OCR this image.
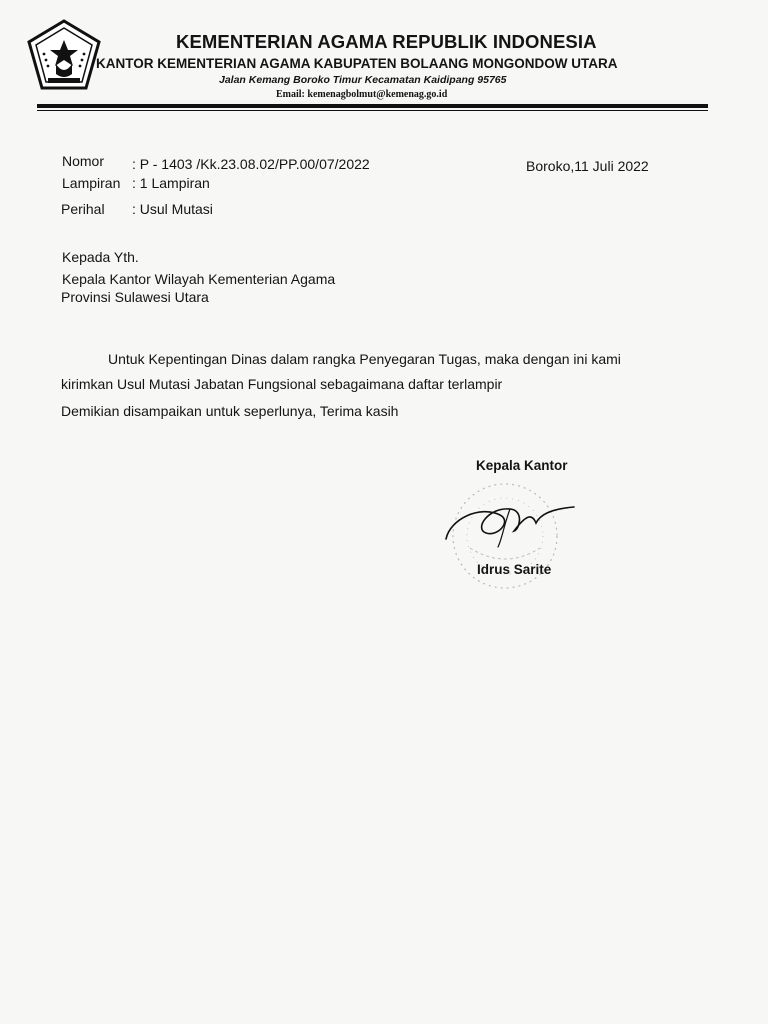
KEMENTERIAN AGAMA REPUBLIK INDONESIA
KANTOR KEMENTERIAN AGAMA KABUPATEN BOLAANG MONGONDOW UTARA
Jalan Kemang Boroko Timur Kecamatan Kaidipang 95765
Email: kemenagbolmut@kemenag.go.id
Nomor : P - 1403 /Kk.23.08.02/PP.00/07/2022
Lampiran : 1 Lampiran
Perihal : Usul Mutasi
Boroko,11 Juli 2022
Kepada Yth.
Kepala Kantor Wilayah Kementerian Agama
Provinsi Sulawesi Utara
Untuk Kepentingan Dinas dalam rangka Penyegaran Tugas, maka dengan ini kami
kirimkan Usul Mutasi Jabatan Fungsional sebagaimana daftar terlampir
Demikian disampaikan untuk seperlunya, Terima kasih
Kepala Kantor
Idrus Sarite
